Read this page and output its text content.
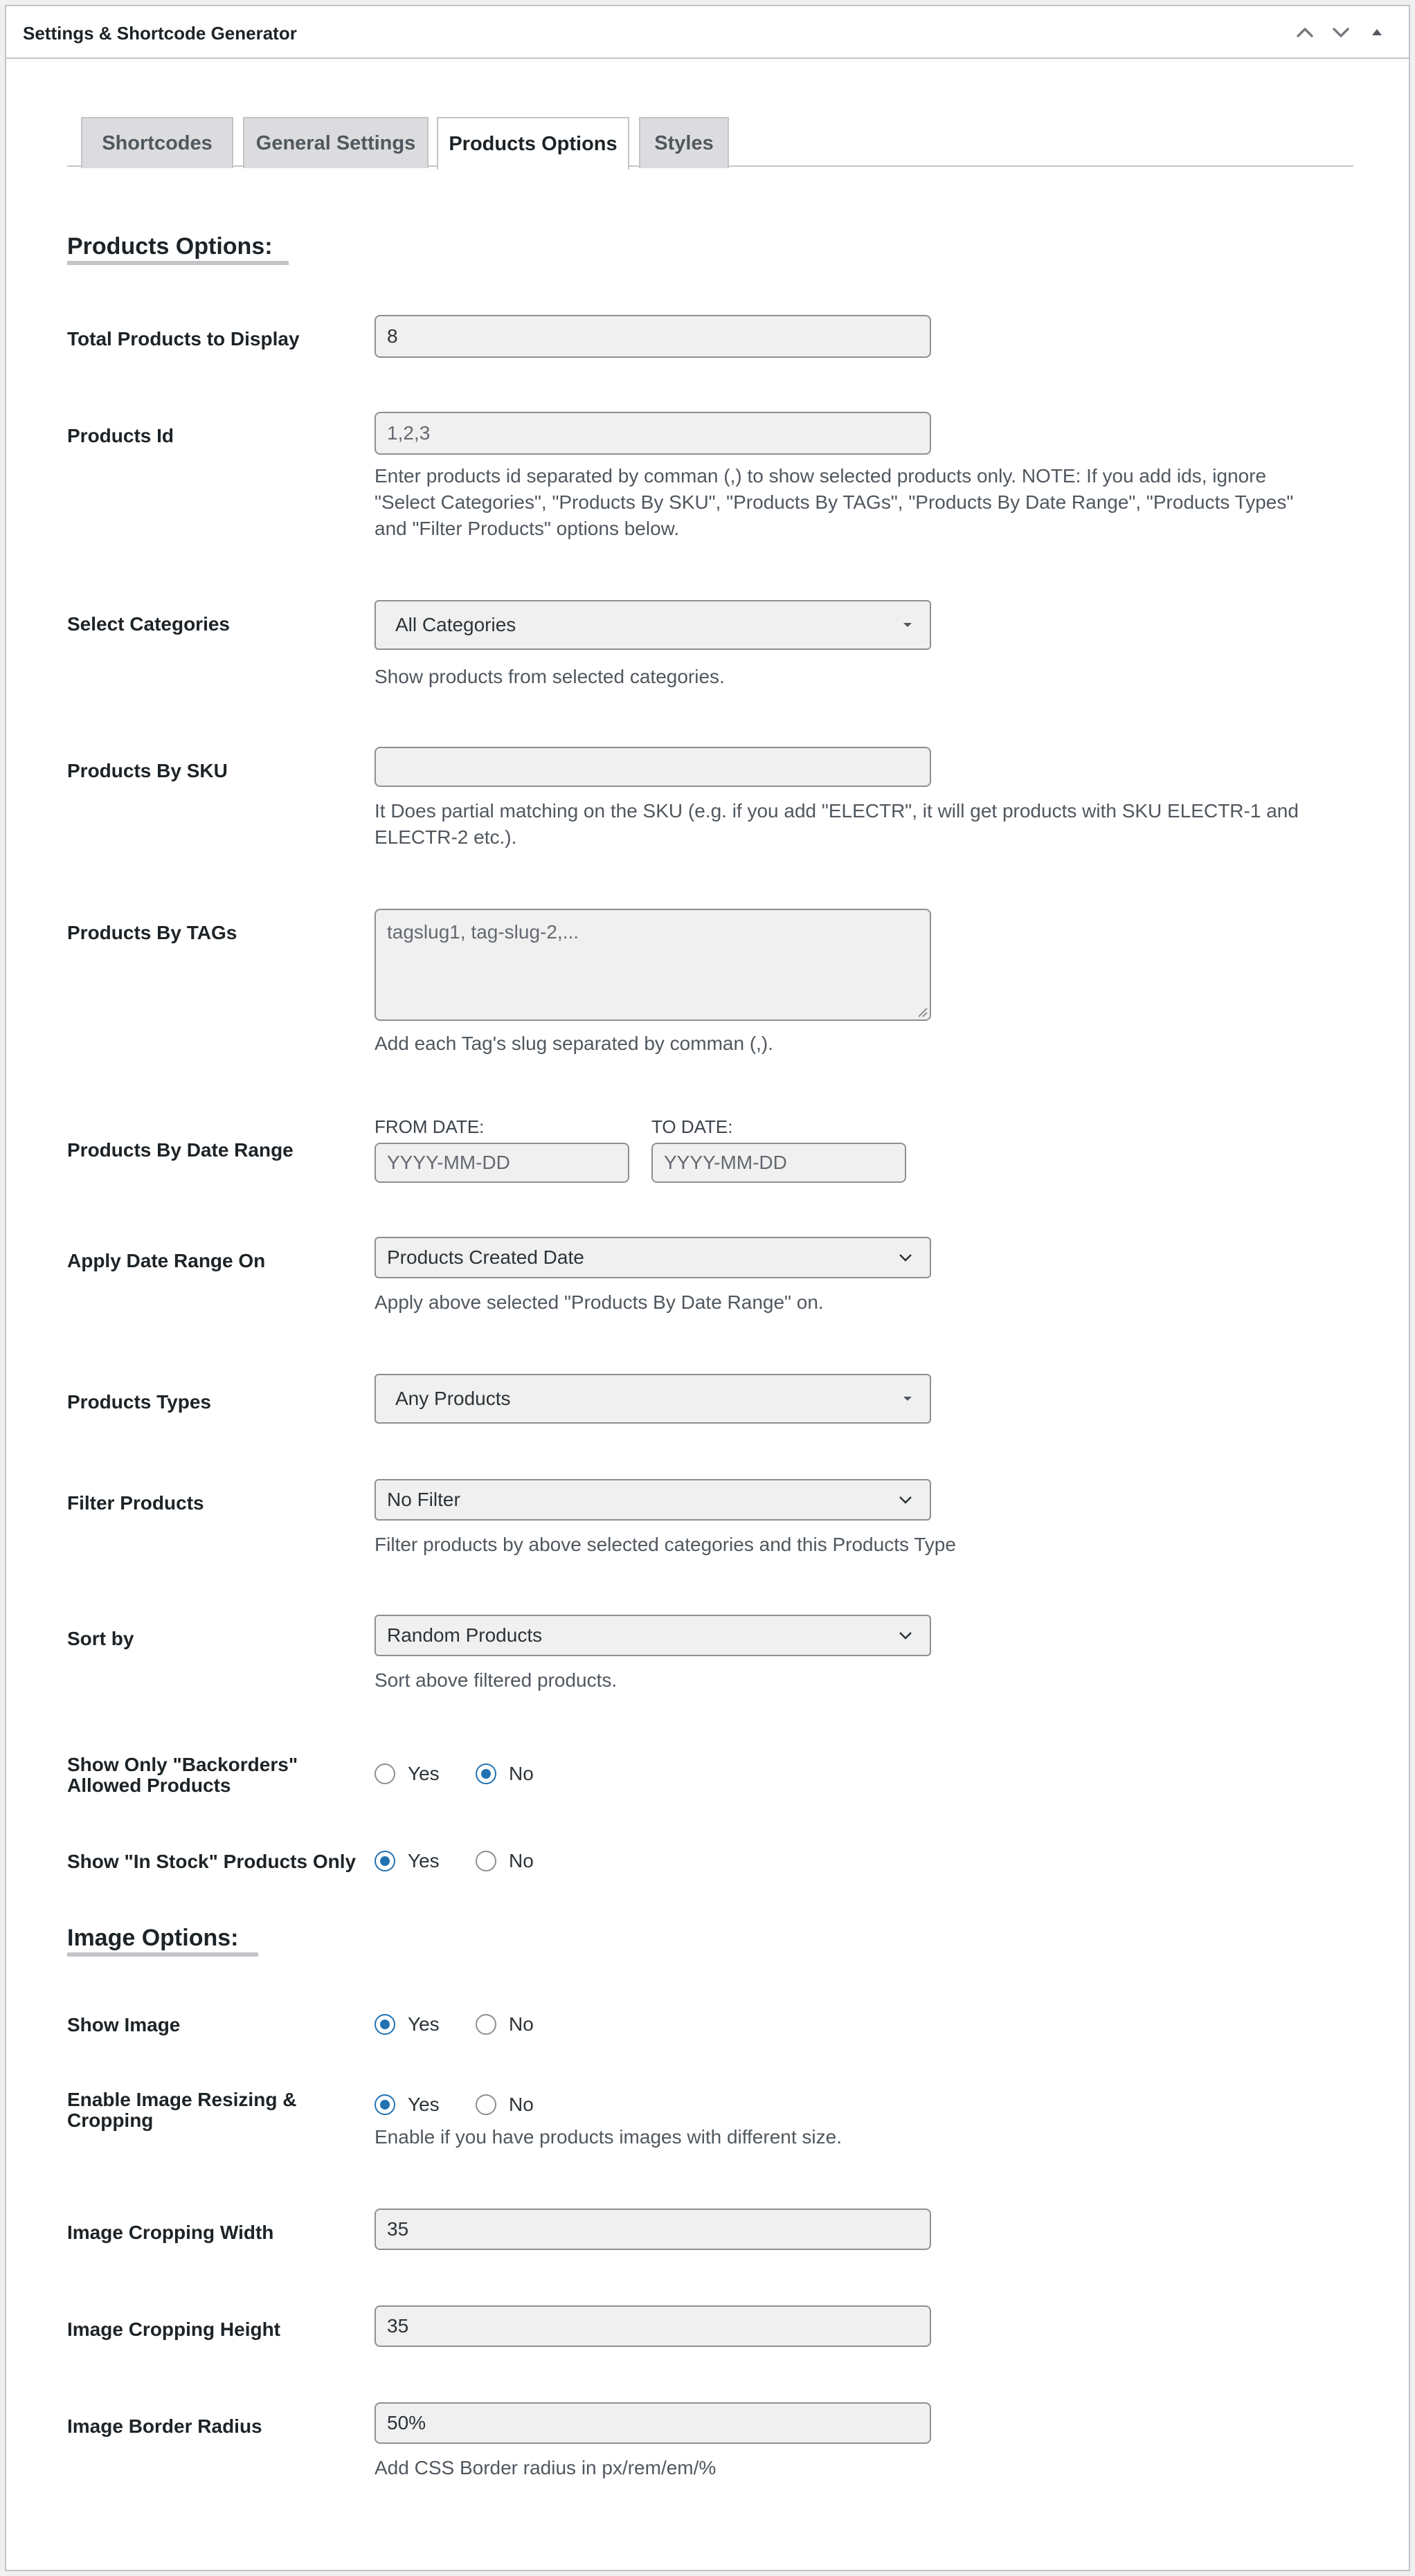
Settings & Shortcode Generator
Shortcodes	General Settings	Products Options	Styles
Products Options:
Total Products to Display	8
Products Id	1,2,3
Enter products id separated by comman (,) to show selected products only. NOTE: If you add ids, ignore
"Select Categories", "Products By SKU", "Products By TAGs", "Products By Date Range", "Products Types"
and "Filter Products" options below.
Select Categories	All Categories
Show products from selected categories.
Products By SKU
It Does partial matching on the SKU (e.g. if you add "ELECTR", it will get products with SKU ELECTR-1 and
ELECTR-2 etc.).
Products By TAGs	tagslug1, tag-slug-2,...
Add each Tag's slug separated by comman (,).
Products By Date Range
FROM DATE:	TO DATE:
YYYY-MM-DD	YYYY-MM-DD
Apply Date Range On	Products Created Date
Apply above selected "Products By Date Range" on.
Products Types	Any Products
Filter Products	No Filter
Filter products by above selected categories and this Products Type
Sort by	Random Products
Sort above filtered products.
Show Only "Backorders"
Allowed Products
Yes	No
Show "In Stock" Products Only	Yes	No
Image Options:
Show Image	Yes	No
Enable Image Resizing &
Cropping
Yes	No
Enable if you have products images with different size.
Image Cropping Width	35
Image Cropping Height	35
Image Border Radius	50%
Add CSS Border radius in px/rem/em/%
